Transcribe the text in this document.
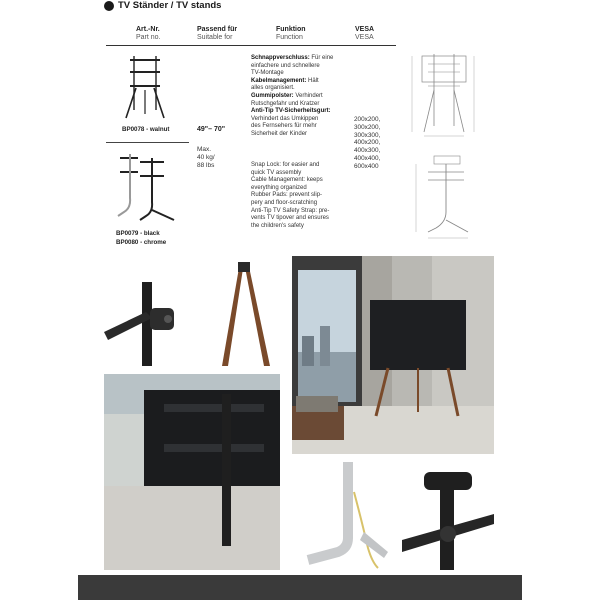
TV Ständer / TV stands
Art.-Nr.
Part no.
Passend für
Suitable for
Funktion
Function
VESA
VESA
BP0078 - walnut	49"– 70"
Max.
40 kg/
88 lbs
BP0079 - black
BP0080 - chrome
Schnappverschluss: Für eine
einfachere und schnellere
TV-Montage
Kabelmanagement: Hält
alles organisiert.
Gummipolster: Verhindert
Rutschgefahr und Kratzer
Anti-Tip TV-Sicherheitsgurt:
Verhindert das Umkippen
des Fernsehers für mehr
Sicherheit der Kinder
Snap Lock: for easier and
quick TV assembly
Cable Management: keeps
everything organized
Rubber Pads: prevent slip-
pery and floor-scratching
Anti-Tip TV Safety Strap: pre-
vents TV tipover and ensures
the children's safety
200x200,
300x200,
300x300,
400x200,
400x300,
400x400,
600x400
